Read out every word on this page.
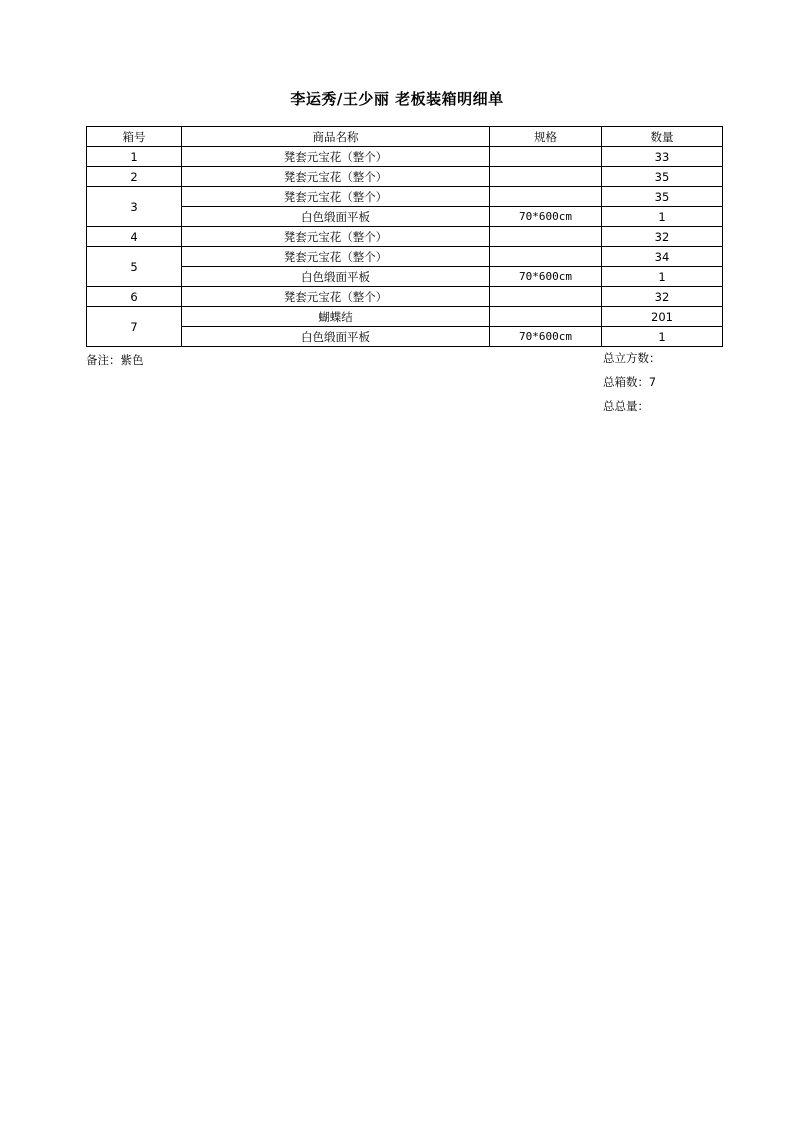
李运秀/王少丽 老板装箱明细单
箱号	商品名称	规格	数量
1	凳套元宝花（整个）		33
2	凳套元宝花（整个）		35
3	凳套元宝花（整个）		35
	白色缎面平板	70*600cm	1
4	凳套元宝花（整个）		32
5	凳套元宝花（整个）		34
	白色缎面平板	70*600cm	1
6	凳套元宝花（整个）		32
7	蝴蝶结		201
	白色缎面平板	70*600cm	1
备注：紫色	总立方数：
总箱数：7
总总量：
